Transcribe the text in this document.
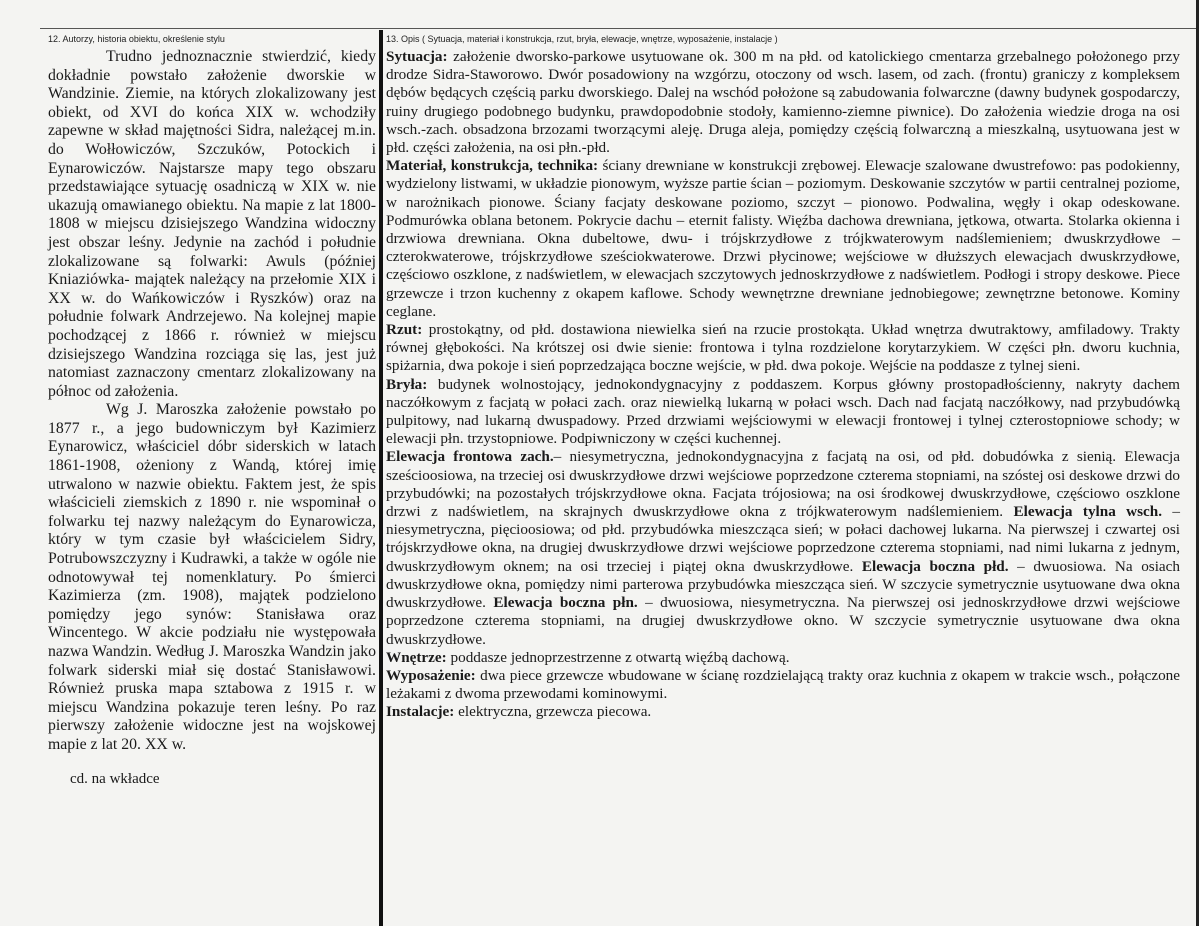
12. Autorzy, historia obiektu, określenie stylu

Trudno jednoznacznie stwierdzić, kiedy dokładnie powstało założenie dworskie w Wandzinie. Ziemie, na których zlokalizowany jest obiekt, od XVI do końca XIX w. wchodziły zapewne w skład majętności Sidra, należącej m.in. do Wołłowiczów, Szczuków, Potockich i Eynarowiczów. Najstarsze mapy tego obszaru przedstawiające sytuację osadniczą w XIX w. nie ukazują omawianego obiektu. Na mapie z lat 1800-1808 w miejscu dzisiejszego Wandzina widoczny jest obszar leśny. Jedynie na zachód i południe zlokalizowane są folwarki: Awuls (później Kniaziówka- majątek należący na przełomie XIX i XX w. do Wańkowiczów i Ryszków) oraz na południe folwark Andrzejewo. Na kolejnej mapie pochodzącej z 1866 r. również w miejscu dzisiejszego Wandzina rozciąga się las, jest już natomiast zaznaczony cmentarz zlokalizowany na północ od założenia.

Wg J. Maroszka założenie powstało po 1877 r., a jego budowniczym był Kazimierz Eynarowicz, właściciel dóbr siderskich w latach 1861-1908, ożeniony z Wandą, której imię utrwalono w nazwie obiektu. Faktem jest, że spis właścicieli ziemskich z 1890 r. nie wspominał o folwarku tej nazwy należącym do Eynarowicza, który w tym czasie był właścicielem Sidry, Potrubowszczyzny i Kudrawki, a także w ogóle nie odnotowywał tej nomenklatury. Po śmierci Kazimierza (zm. 1908), majątek podzielono pomiędzy jego synów: Stanisława oraz Wincentego. W akcie podziału nie występowała nazwa Wandzin. Według J. Maroszka Wandzin jako folwark siderski miał się dostać Stanisławowi. Również pruska mapa sztabowa z 1915 r. w miejscu Wandzina pokazuje teren leśny. Po raz pierwszy założenie widoczne jest na wojskowej mapie z lat 20. XX w.

cd. na wkładce
13. Opis ( Sytuacja, materiał i konstrukcja, rzut, bryła, elewacje, wnętrze, wyposażenie, instalacje )

Sytuacja: założenie dworsko-parkowe usytuowane ok. 300 m na płd. od katolickiego cmentarza grzebalnego położonego przy drodze Sidra-Staworowo. Dwór posadowiony na wzgórzu, otoczony od wsch. lasem, od zach. (frontu) graniczy z kompleksem dębów będących częścią parku dworskiego. Dalej na wschód położone są zabudowania folwarczne (dawny budynek gospodarczy, ruiny drugiego podobnego budynku, prawdopodobnie stodoły, kamienno-ziemne piwnice). Do założenia wiedzie droga na osi wsch.-zach. obsadzona brzozami tworzącymi aleję. Druga aleja, pomiędzy częścią folwarczną a mieszkalną, usytuowana jest w płd. części założenia, na osi płn.-płd.

Materiał, konstrukcja, technika: ściany drewniane w konstrukcji zrębowej. Elewacje szalowane dwustrefowo: pas podokienny, wydzielony listwami, w układzie pionowym, wyższe partie ścian – poziomym. Deskowanie szczytów w partii centralnej poziome, w narożnikach pionowe. Ściany facjaty deskowane poziomo, szczyt – pionowo. Podwalina, węgły i okap odeskowane. Podmurówka oblana betonem. Pokrycie dachu – eternit falisty. Więźba dachowa drewniana, jętkowa, otwarta. Stolarka okienna i drzwiowa drewniana. Okna dubeltowe, dwu- i trójskrzydłowe z trójkwaterowym nadślemieniem; dwuskrzydłowe – czterokwaterowe, trójskrzydłowe sześciokwaterowe. Drzwi płycinowe; wejściowe w dłuższych elewacjach dwuskrzydłowe, częściowo oszklone, z nadświetlem, w elewacjach szczytowych jednoskrzydłowe z nadświetlem. Podłogi i stropy deskowe. Piece grzewcze i trzon kuchenny z okapem kaflowe. Schody wewnętrzne drewniane jednobiegowe; zewnętrzne betonowe. Kominy ceglane.

Rzut: prostokątny, od płd. dostawiona niewielka sień na rzucie prostokąta. Układ wnętrza dwutraktowy, amfiladowy. Trakty równej głębokości. Na krótszej osi dwie sienie: frontowa i tylna rozdzielone korytarzykiem. W części płn. dworu kuchnia, spiżarnia, dwa pokoje i sień poprzedzająca boczne wejście, w płd. dwa pokoje. Wejście na poddasze z tylnej sieni.

Bryła: budynek wolnostojący, jednokondygnacyjny z poddaszem. Korpus główny prostopadłościenny, nakryty dachem naczółkowym z facjatą w połaci zach. oraz niewielką lukarną w połaci wsch. Dach nad facjatą naczółkowy, nad przybudówką pulpitowy, nad lukarną dwuspadowy. Przed drzwiami wejściowymi w elewacji frontowej i tylnej czterostopniowe schody; w elewacji płn. trzystopniowe. Podpiwniczony w części kuchennej.

Elewacja frontowa zach.– niesymetryczna, jednokondygnacyjna z facjatą na osi, od płd. dobudówka z sienią. Elewacja sześcioosiowa, na trzeciej osi dwuskrzydłowe drzwi wejściowe poprzedzone czterema stopniami, na szóstej osi deskowe drzwi do przybudówki; na pozostałych trójskrzydłowe okna. Facjata trójosiowa; na osi środkowej dwuskrzydłowe, częściowo oszklone drzwi z nadświetlem, na skrajnych dwuskrzydłowe okna z trójkwaterowym nadślemieniem. Elewacja tylna wsch. – niesymetryczna, pięcioosiowa; od płd. przybudówka mieszcząca sień; w połaci dachowej lukarna. Na pierwszej i czwartej osi trójskrzydłowe okna, na drugiej dwuskrzydłowe drzwi wejściowe poprzedzone czterema stopniami, nad nimi lukarna z jednym, dwuskrzydłowym oknem; na osi trzeciej i piątej okna dwuskrzydłowe. Elewacja boczna płd. – dwuosiowa. Na osiach dwuskrzydłowe okna, pomiędzy nimi parterowa przybudówka mieszcząca sień. W szczycie symetrycznie usytuowane dwa okna dwuskrzydłowe. Elewacja boczna płn. – dwuosiowa, niesymetryczna. Na pierwszej osi jednoskrzydłowe drzwi wejściowe poprzedzone czterema stopniami, na drugiej dwuskrzydłowe okno. W szczycie symetrycznie usytuowane dwa okna dwuskrzydłowe.

Wnętrze: poddasze jednoprzestrzenne z otwartą więźbą dachową.

Wyposażenie: dwa piece grzewcze wbudowane w ścianę rozdzielającą trakty oraz kuchnia z okapem w trakcie wsch., połączone leżakami z dwoma przewodami kominowymi.

Instalacje: elektryczna, grzewcza piecowa.
